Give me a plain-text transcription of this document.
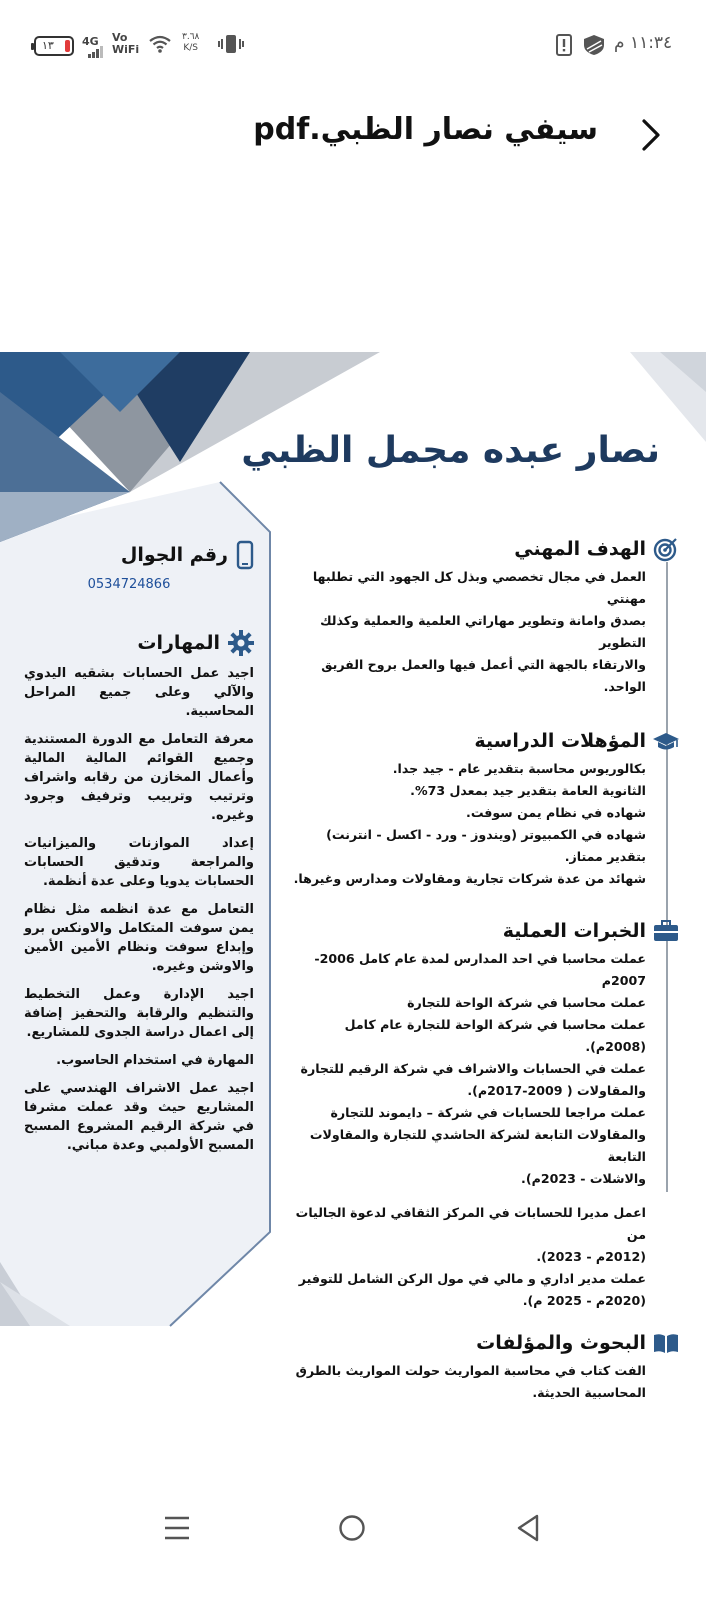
١٣	4G Vo
WiFi
٣.٦٨
K/S	١١:٣٤ م
سيفي نصار الظبي.pdf
نصار عبده مجمل الظبي
الهدف المهني

العمل في مجال تخصصي وبذل كل الجهود التي تطلبها مهنتي

بصدق وامانة وتطوير مهاراتي العلمية والعملية وكذلك التطوير

والارتقاء بالجهة التي أعمل فيها والعمل بروح الفريق الواحد.

المؤهلات الدراسية

بكالوريوس محاسبة بتقدير عام - جيد جدا.

الثانوية العامة بتقدير جيد بمعدل 73%.

شهاده في نظام يمن سوفت.

شهاده في الكمبيوتر (ويندوز - ورد - اكسل - انترنت) بتقدير ممتاز.

شهائد من عدة شركات تجارية ومقاولات ومدارس وغيرها.

الخبرات العملية

عملت محاسبا في احد المدارس لمدة عام كامل 2006-2007م

عملت محاسبا في شركة الواحة للتجارة

عملت محاسبا في شركة الواحة للتجارة عام كامل (2008م).

عملت في الحسابات والاشراف في شركة الرقيم للتجارة

والمقاولات ( 2009-2017م).

عملت مراجعا للحسابات في شركة – دايموند للتجارة

والمقاولات التابعة لشركة الحاشدي للتجارة والمقاولات التابعة

والاشلات - 2023م).

اعمل مديرا للحسابات في المركز الثقافي لدعوة الجاليات من

(2012م - 2023).

عملت مدير اداري و مالي في مول الركن الشامل للتوفير

(2020م - 2025 م).

البحوث والمؤلفات

الفت كتاب في محاسبة المواريث حولت المواريث بالطرق

المحاسبية الحديثة.

رقم الجوال
0534724866
المهارات
اجيد عمل الحسابات بشقيه اليدوي والآلي وعلى جميع المراحل المحاسبية.
معرفة التعامل مع الدورة المستندية وجميع القوائم المالية المالية وأعمال المخازن من رقابه واشراف وترتيب وتربيب وترفيف وجرود وغيره.
إعداد الموازنات والميزانيات والمراجعة وتدقيق الحسابات الحسابات يدويا وعلى عدة أنظمة.
التعامل مع عدة انظمه مثل نظام يمن سوفت المتكامل والاونكس برو وإبداع سوفت ونظام الأمين الأمين والاوشن وغيره.
اجيد الإدارة وعمل التخطيط والتنظيم والرقابة والتحفيز إضافة إلى اعمال دراسة الجدوى للمشاريع.
المهارة في استخدام الحاسوب.
اجيد عمل الاشراف الهندسي على المشاريع حيث وقد عملت مشرفا في شركة الرقيم المشروع المسبح المسبح الأولمبي وعدة مباني.
